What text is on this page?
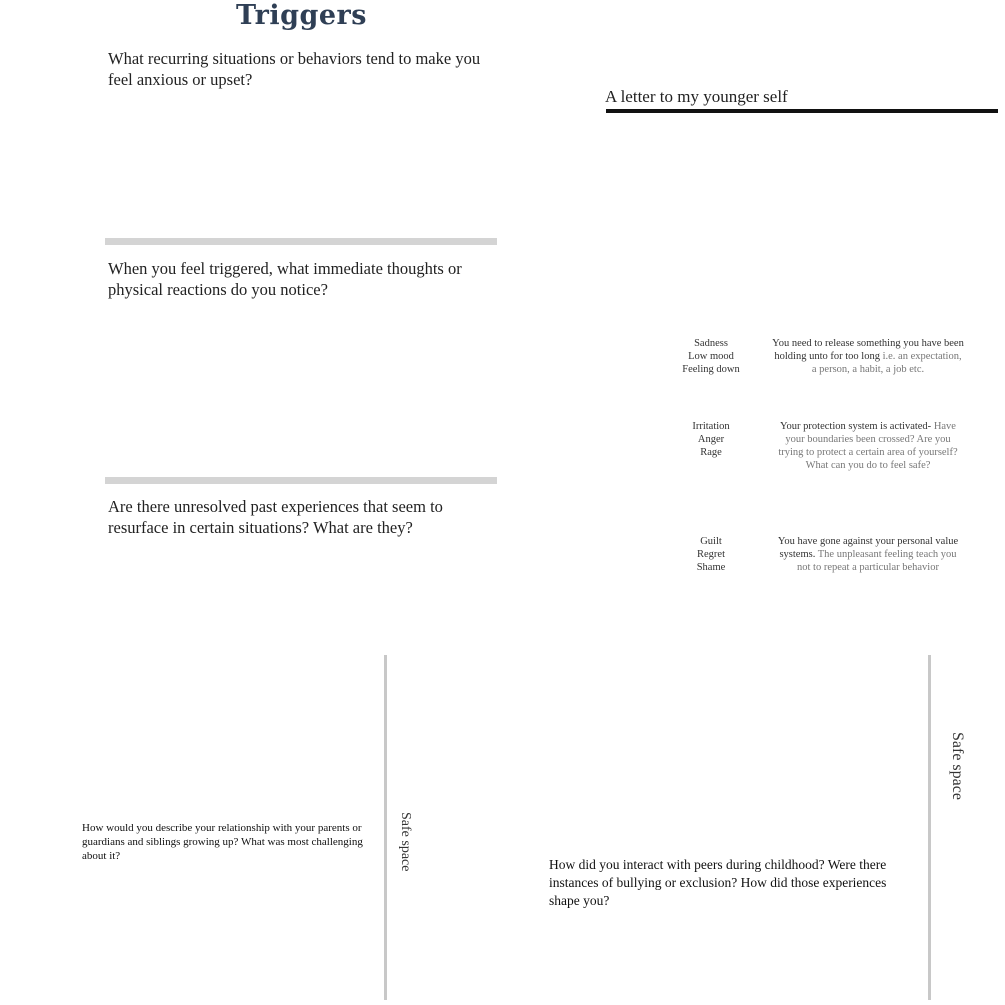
Triggers
What recurring situations or behaviors tend to make you feel anxious or upset?
When you feel triggered, what immediate thoughts or physical reactions do you notice?
Are there unresolved past experiences that seem to resurface in certain situations? What are they?
A letter to my younger self
Sadness
Low mood
Feeling down
You need to release something you have been holding unto for too long i.e. an expectation, a person, a habit, a job etc.
Irritation
Anger
Rage
Your protection system is activated- Have your boundaries been crossed? Are you trying to protect a certain area of yourself? What can you do to feel safe?
Guilt
Regret
Shame
You have gone against your personal value systems. The unpleasant feeling teach you not to repeat a particular behavior
How would you describe your relationship with your parents or guardians and siblings growing up? What was most challenging about it?	Safe space	How did you interact with peers during childhood? Were there instances of bullying or exclusion? How did those experiences shape you?
Safe space
